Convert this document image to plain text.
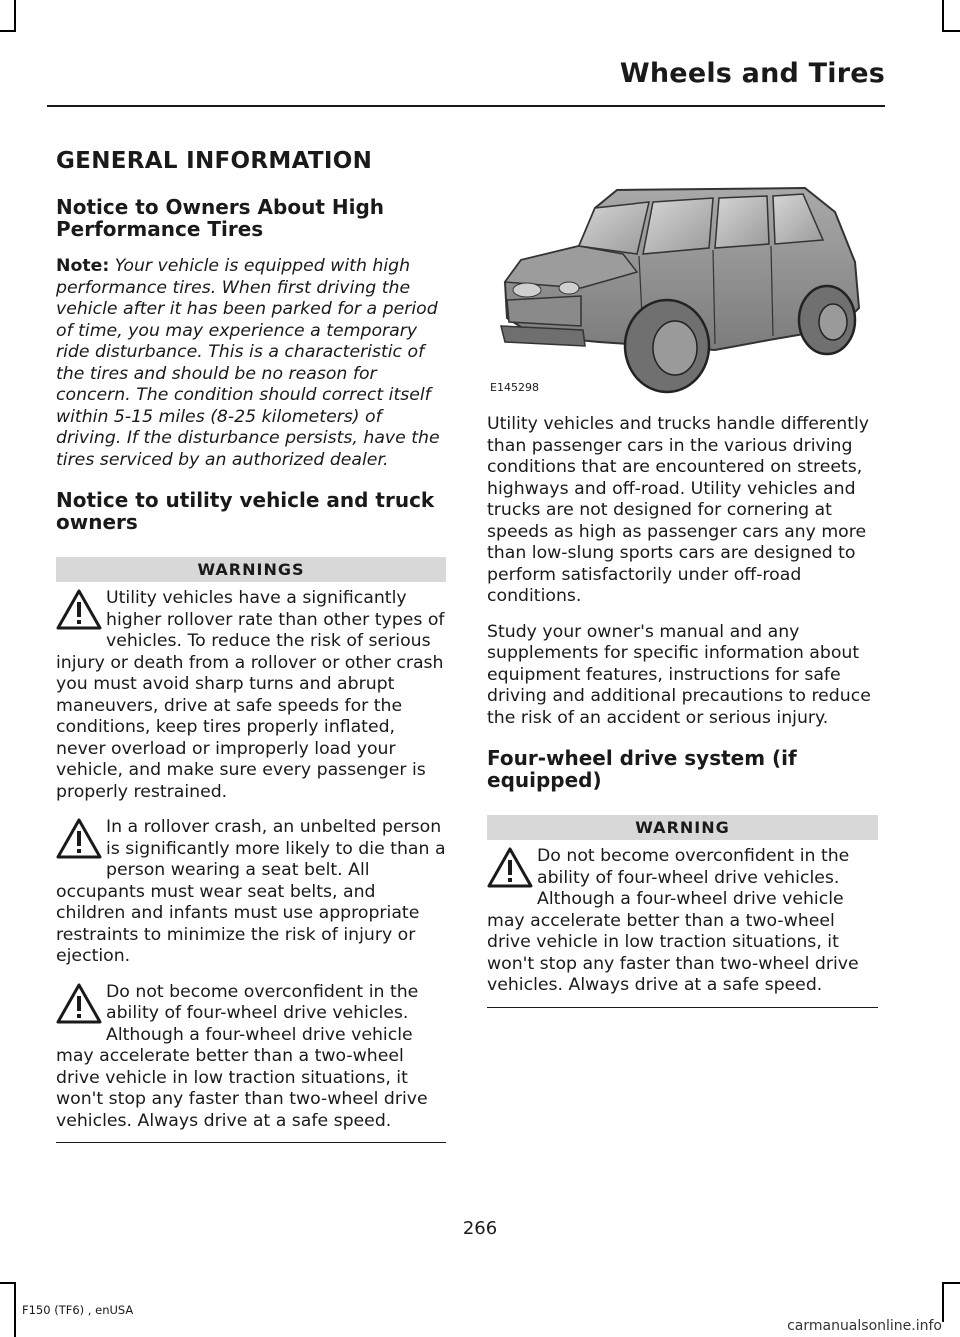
Wheels and Tires
GENERAL INFORMATION
Notice to Owners About High Performance Tires

Note: Your vehicle is equipped with high performance tires. When first driving the vehicle after it has been parked for a period of time, you may experience a temporary ride disturbance. This is a characteristic of the tires and should be no reason for concern. The condition should correct itself within 5-15 miles (8-25 kilometers) of driving. If the disturbance persists, have the tires serviced by an authorized dealer.

Notice to utility vehicle and truck owners
WARNINGS
Utility vehicles have a significantly higher rollover rate than other types of vehicles. To reduce the risk of serious injury or death from a rollover or other crash you must avoid sharp turns and abrupt maneuvers, drive at safe speeds for the conditions, keep tires properly inflated, never overload or improperly load your vehicle, and make sure every passenger is properly restrained.
In a rollover crash, an unbelted person is significantly more likely to die than a person wearing a seat belt. All occupants must wear seat belts, and children and infants must use appropriate restraints to minimize the risk of injury or ejection.
Do not become overconfident in the ability of four-wheel drive vehicles. Although a four-wheel drive vehicle may accelerate better than a two-wheel drive vehicle in low traction situations, it won't stop any faster than two-wheel drive vehicles. Always drive at a safe speed.
E145298

Utility vehicles and trucks handle differently than passenger cars in the various driving conditions that are encountered on streets, highways and off-road. Utility vehicles and trucks are not designed for cornering at speeds as high as passenger cars any more than low-slung sports cars are designed to perform satisfactorily under off-road conditions.

Study your owner's manual and any supplements for specific information about equipment features, instructions for safe driving and additional precautions to reduce the risk of an accident or serious injury.

Four-wheel drive system (if equipped)
WARNING
Do not become overconfident in the ability of four-wheel drive vehicles. Although a four-wheel drive vehicle may accelerate better than a two-wheel drive vehicle in low traction situations, it won't stop any faster than two-wheel drive vehicles. Always drive at a safe speed.
266
F150 (TF6) , enUSA
carmanualsonline.info
